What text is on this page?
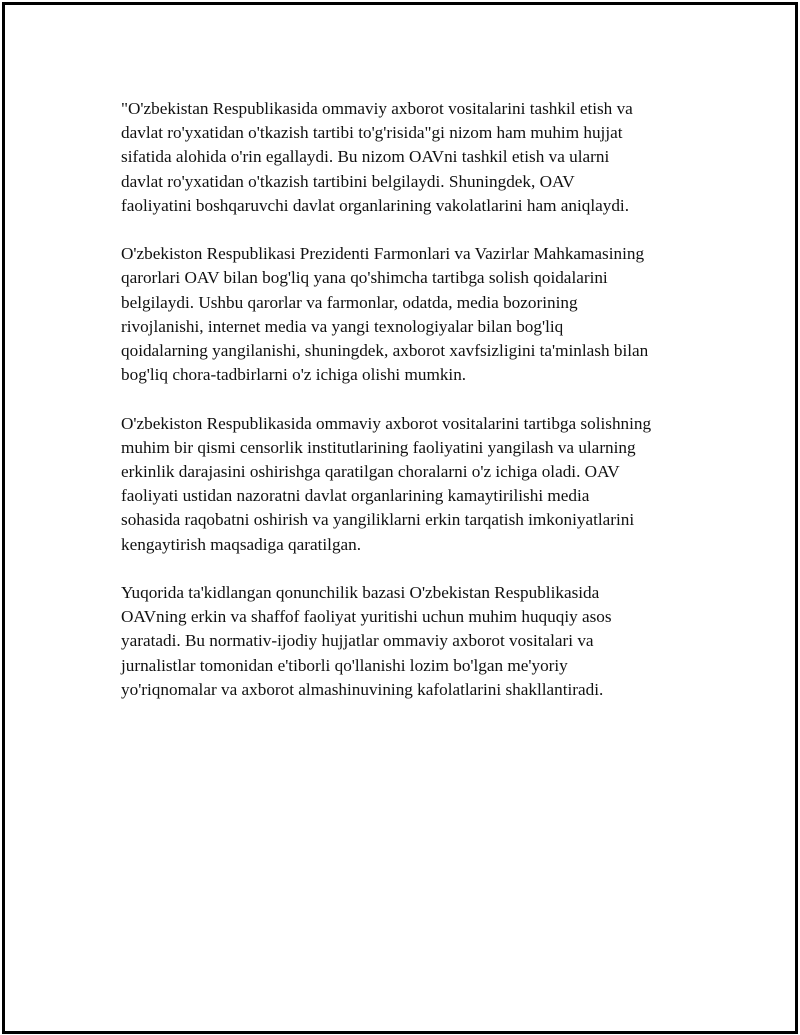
"O'zbekistan Respublikasida ommaviy axborot vositalarini tashkil etish va
davlat ro'yxatidan o'tkazish tartibi to'g'risida"gi nizom ham muhim hujjat
sifatida alohida o'rin egallaydi. Bu nizom OAVni tashkil etish va ularni
davlat ro'yxatidan o'tkazish tartibini belgilaydi. Shuningdek, OAV
faoliyatini boshqaruvchi davlat organlarining vakolatlarini ham aniqlaydi.

O'zbekiston Respublikasi Prezidenti Farmonlari va Vazirlar Mahkamasining
qarorlari OAV bilan bog'liq yana qo'shimcha tartibga solish qoidalarini
belgilaydi. Ushbu qarorlar va farmonlar, odatda, media bozorining
rivojlanishi, internet media va yangi texnologiyalar bilan bog'liq
qoidalarning yangilanishi, shuningdek, axborot xavfsizligini ta'minlash bilan
bog'liq chora-tadbirlarni o'z ichiga olishi mumkin.

O'zbekiston Respublikasida ommaviy axborot vositalarini tartibga solishning
muhim bir qismi censorlik institutlarining faoliyatini yangilash va ularning
erkinlik darajasini oshirishga qaratilgan choralarni o'z ichiga oladi. OAV
faoliyati ustidan nazoratni davlat organlarining kamaytirilishi media
sohasida raqobatni oshirish va yangiliklarni erkin tarqatish imkoniyatlarini
kengaytirish maqsadiga qaratilgan.

Yuqorida ta'kidlangan qonunchilik bazasi O'zbekistan Respublikasida
OAVning erkin va shaffof faoliyat yuritishi uchun muhim huquqiy asos
yaratadi. Bu normativ-ijodiy hujjatlar ommaviy axborot vositalari va
jurnalistlar tomonidan e'tiborli qo'llanishi lozim bo'lgan me'yoriy
yo'riqnomalar va axborot almashinuvining kafolatlarini shakllantiradi.
